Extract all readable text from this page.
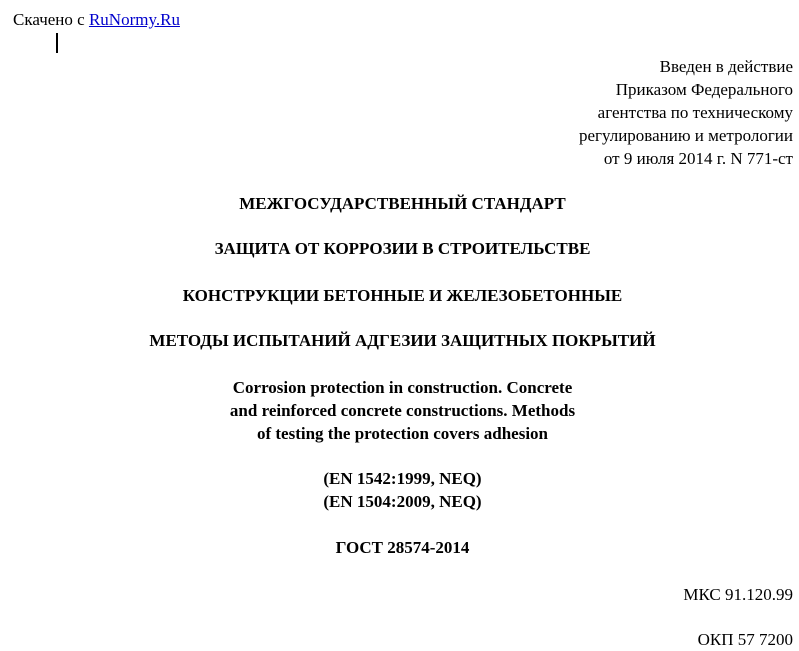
Скачено с RuNormy.Ru
Введен в действие
Приказом Федерального
агентства по техническому
регулированию и метрологии
от 9 июля 2014 г. N 771-ст
МЕЖГОСУДАРСТВЕННЫЙ СТАНДАРТ
ЗАЩИТА ОТ КОРРОЗИИ В СТРОИТЕЛЬСТВЕ
КОНСТРУКЦИИ БЕТОННЫЕ И ЖЕЛЕЗОБЕТОННЫЕ
МЕТОДЫ ИСПЫТАНИЙ АДГЕЗИИ ЗАЩИТНЫХ ПОКРЫТИЙ
Corrosion protection in construction. Concrete
and reinforced concrete constructions. Methods
of testing the protection covers adhesion
(EN 1542:1999, NEQ)
(EN 1504:2009, NEQ)
ГОСТ 28574-2014
МКС 91.120.99
ОКП 57 7200
